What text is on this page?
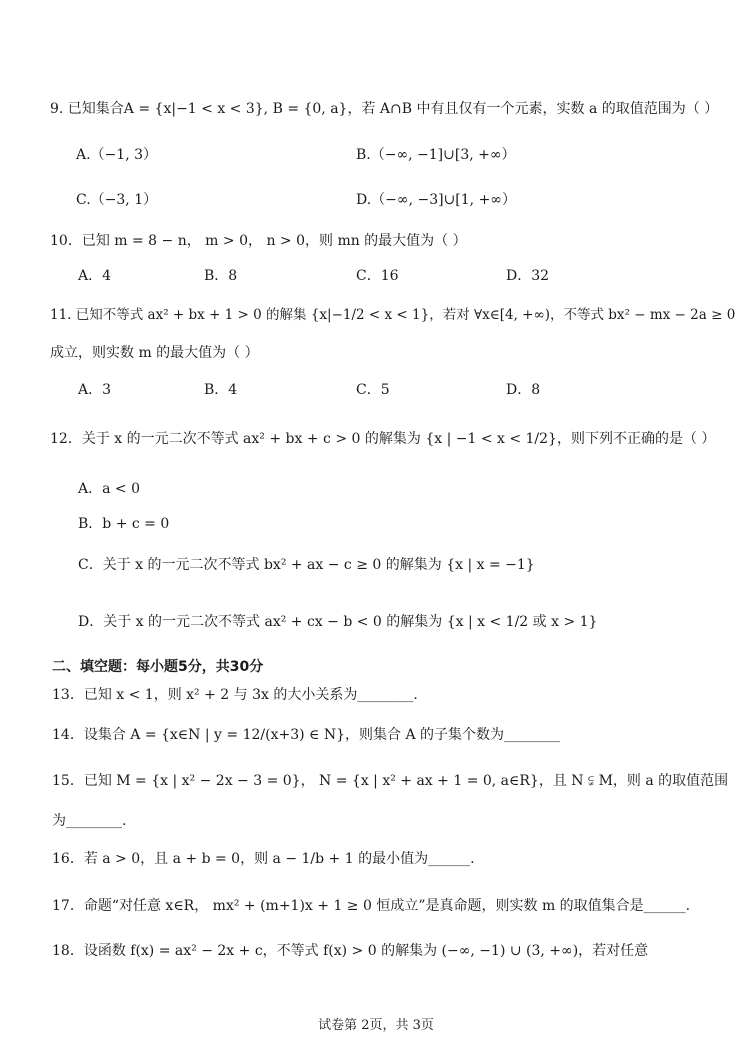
9. 已知集合A = {x|−1 < x < 3}, B = {0, a}，若 A∩B 中有且仅有一个元素，实数 a 的取值范围为（ ）
A.（−1, 3）	B.（−∞, −1]∪[3, +∞）
C.（−3, 1）	D.（−∞, −3]∪[1, +∞）
10．已知 m = 8 − n， m > 0， n > 0，则 mn 的最大值为（ ）
A．4	B．8	C．16	D．32
11. 已知不等式 ax² + bx + 1 > 0 的解集 {x|−1/2 < x < 1}，若对 ∀x∈[4, +∞)，不等式 bx² − mx − 2a ≥ 0
成立，则实数 m 的最大值为（ ）
A．3	B．4	C．5	D．8
12．关于 x 的一元二次不等式 ax² + bx + c > 0 的解集为 {x | −1 < x < 1/2}，则下列不正确的是（ ）
A．a < 0
B．b + c = 0
C．关于 x 的一元二次不等式 bx² + ax − c ≥ 0 的解集为 {x | x = −1}
D．关于 x 的一元二次不等式 ax² + cx − b < 0 的解集为 {x | x < 1/2 或 x > 1}
二、填空题：每小题5分，共30分
13．已知 x < 1，则 x² + 2 与 3x 的大小关系为________.
14．设集合 A = {x∈N | y = 12/(x+3) ∈ N}，则集合 A 的子集个数为________
15．已知 M = {x | x² − 2x − 3 = 0}， N = {x | x² + ax + 1 = 0, a∈R}，且 N ⫋ M，则 a 的取值范围
为________.
16．若 a > 0，且 a + b = 0，则 a − 1/b + 1 的最小值为______.
17．命题“对任意 x∈R， mx² + (m+1)x + 1 ≥ 0 恒成立”是真命题，则实数 m 的取值集合是______.
18．设函数 f(x) = ax² − 2x + c，不等式 f(x) > 0 的解集为 (−∞, −1) ∪ (3, +∞)，若对任意
试卷第 2页，共 3页
